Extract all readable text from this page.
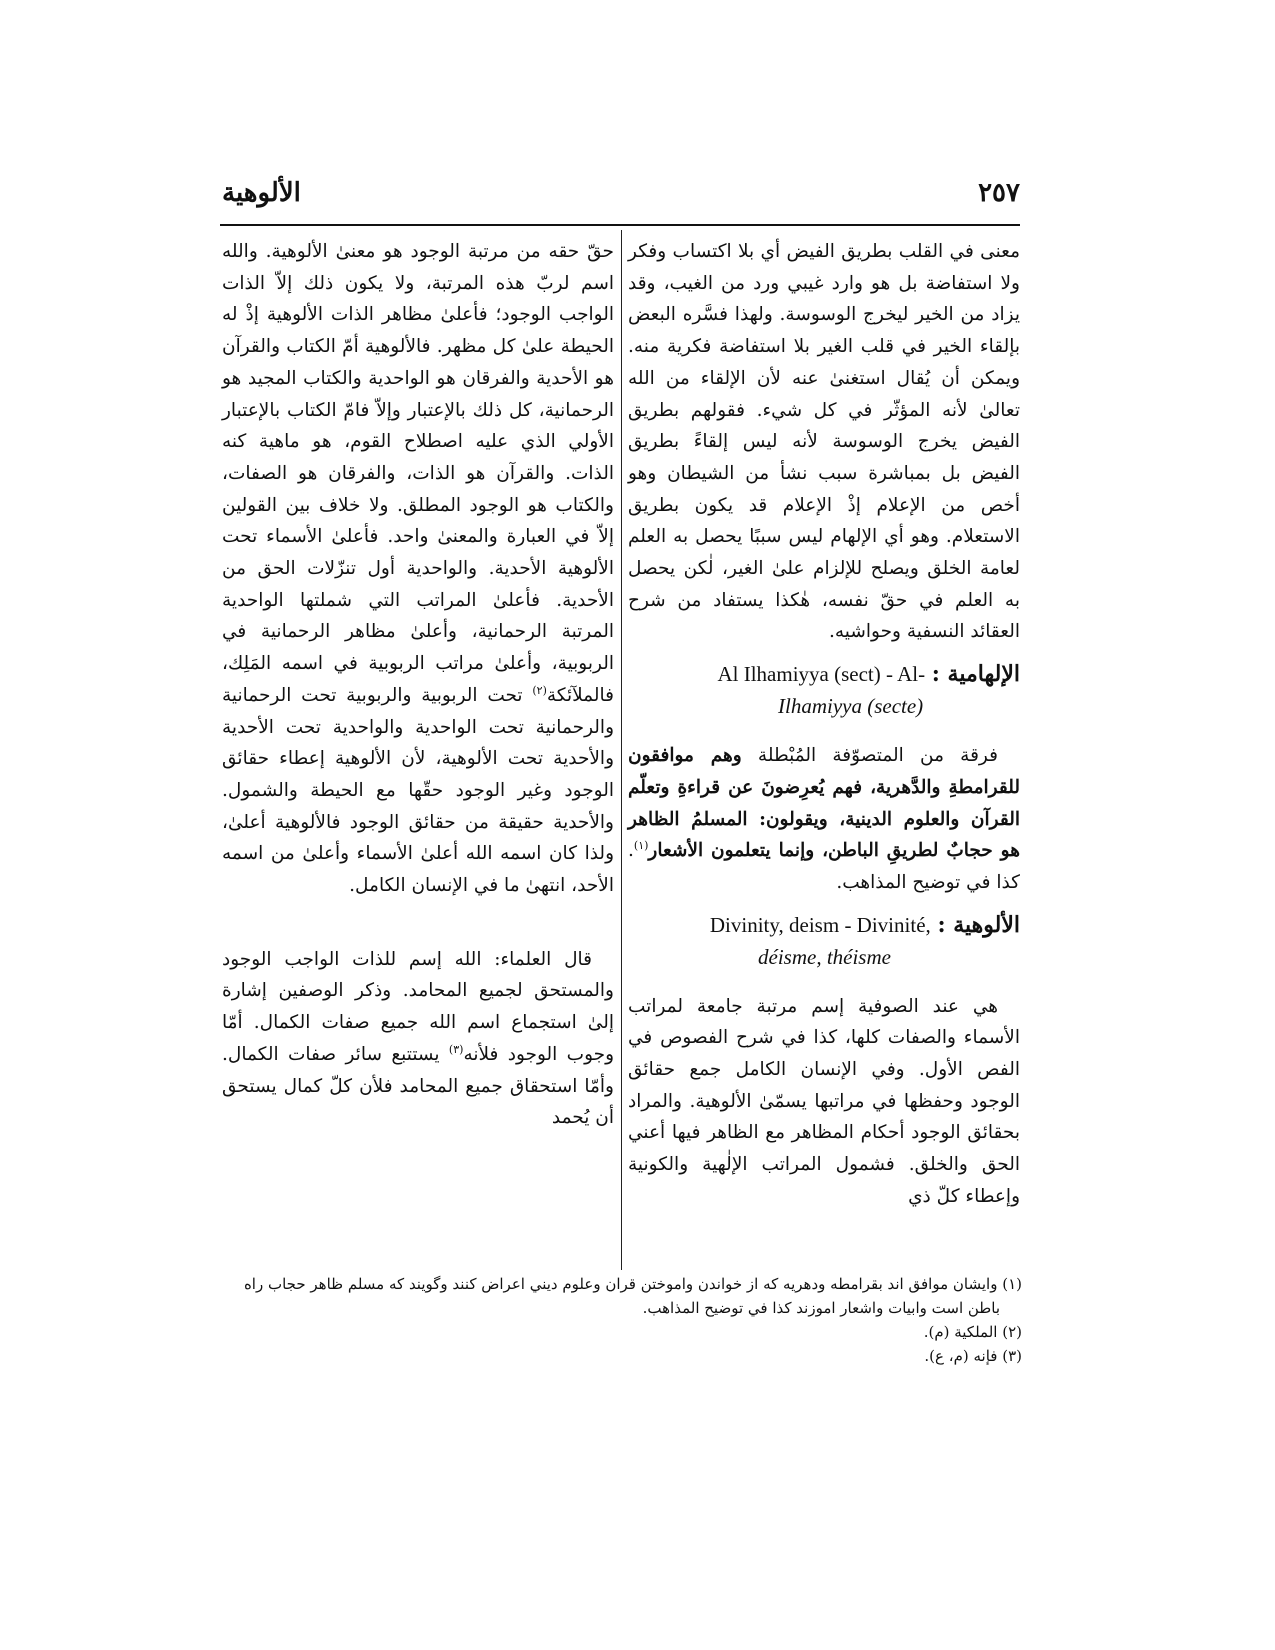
٢٥٧
الألوهية

معنى في القلب بطريق الفيض أي بلا اكتساب وفكر ولا استفاضة بل هو وارد غيبي ورد من الغيب، وقد يزاد من الخير ليخرج الوسوسة. ولهذا فسَّره البعض بإلقاء الخير في قلب الغير بلا استفاضة فكرية منه. ويمكن أن يُقال استغنىٰ عنه لأن الإلقاء من الله تعالىٰ لأنه المؤثّر في كل شيء. فقولهم بطريق الفيض يخرج الوسوسة لأنه ليس إلقاءً بطريق الفيض بل بمباشرة سبب نشأ من الشيطان وهو أخص من الإعلام إذْ الإعلام قد يكون بطريق الاستعلام. وهو أي الإلهام ليس سببًا يحصل به العلم لعامة الخلق ويصلح للإلزام علىٰ الغير، لٰكن يحصل به العلم في حقّ نفسه، هٰكذا يستفاد من شرح العقائد النسفية وحواشيه.

الإلهامية : Al Ilhamiyya (sect) - Al-
Ilhamiyya (secte)

فرقة من المتصوّفة المُبْطلة وهم موافقون للقرامطةِ والدَّهرية، فهم يُعرِضونَ عن قراءةِ وتعلّم القرآن والعلوم الدينية، ويقولون: المسلمُ الظاهر هو حجابٌ لطريقِ الباطن، وإنما يتعلمون الأشعار$^{(١)}$. كذا في توضيح المذاهب.

الألوهية : Divinity, deism - Divinité,
déisme, théisme

هي عند الصوفية إسم مرتبة جامعة لمراتب الأسماء والصفات كلها، كذا في شرح الفصوص في الفص الأول. وفي الإنسان الكامل جمع حقائق الوجود وحفظها في مراتبها يسمّىٰ الألوهية. والمراد بحقائق الوجود أحكام المظاهر مع الظاهر فيها أعني الحق والخلق. فشمول المراتب الإلٰهية والكونية وإعطاء كلّ ذي

حقّ حقه من مرتبة الوجود هو معنىٰ الألوهية. والله اسم لربّ هذه المرتبة، ولا يكون ذلك إلاّ الذات الواجب الوجود؛ فأعلىٰ مظاهر الذات الألوهية إذْ له الحيطة علىٰ كل مظهر. فالألوهية أمّ الكتاب والقرآن هو الأحدية والفرقان هو الواحدية والكتاب المجيد هو الرحمانية، كل ذلك بالإعتبار وإلاّ فامّ الكتاب بالإعتبار الأولي الذي عليه اصطلاح القوم، هو ماهية كنه الذات. والقرآن هو الذات، والفرقان هو الصفات، والكتاب هو الوجود المطلق. ولا خلاف بين القولين إلاّ في العبارة والمعنىٰ واحد. فأعلىٰ الأسماء تحت الألوهية الأحدية. والواحدية أول تنزّلات الحق من الأحدية. فأعلىٰ المراتب التي شملتها الواحدية المرتبة الرحمانية، وأعلىٰ مظاهر الرحمانية في الربوبية، وأعلىٰ مراتب الربوبية في اسمه المَلِك، فالملآئكة$^{(٢)}$ تحت الربوبية والربوبية تحت الرحمانية والرحمانية تحت الواحدية والواحدية تحت الأحدية والأحدية تحت الألوهية، لأن الألوهية إعطاء حقائق الوجود وغير الوجود حقّها مع الحيطة والشمول. والأحدية حقيقة من حقائق الوجود فالألوهية أعلىٰ، ولذا كان اسمه الله أعلىٰ الأسماء وأعلىٰ من اسمه الأحد، انتهىٰ ما في الإنسان الكامل.

قال العلماء: الله إسم للذات الواجب الوجود والمستحق لجميع المحامد. وذكر الوصفين إشارة إلىٰ استجماع اسم الله جميع صفات الكمال. أمّا وجوب الوجود فلأنه$^{(٣)}$ يستتبع سائر صفات الكمال. وأمّا استحقاق جميع المحامد فلأن كلّ كمال يستحق أن يُحمد

(١) وايشان موافق اند بقرامطه ودهريه كه از خواندن واموختن قران وعلوم ديني اعراض كنند وگويند كه مسلم ظاهر حجاب راه

باطن است وابيات واشعار اموزند كذا في توضيح المذاهب.

(٢) الملكية (م).

(٣) فإنه (م، ع).
